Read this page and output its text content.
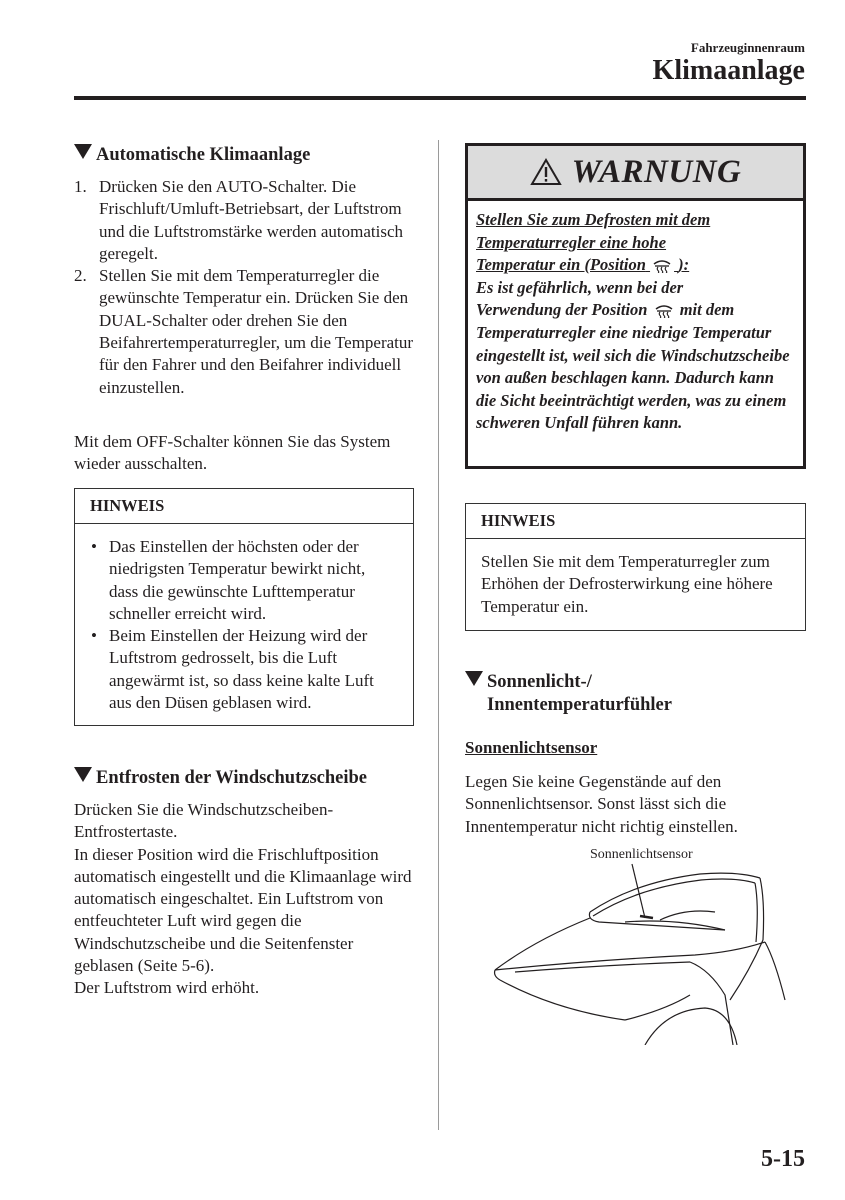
Fahrzeuginnenraum
Klimaanlage
Automatische Klimaanlage
1. Drücken Sie den AUTO-Schalter. Die Frischluft/Umluft-Betriebsart, der Luftstrom und die Luftstromstärke werden automatisch geregelt.
2. Stellen Sie mit dem Temperaturregler die gewünschte Temperatur ein. Drücken Sie den DUAL-Schalter oder drehen Sie den Beifahrertemperaturregler, um die Temperatur für den Fahrer und den Beifahrer individuell einzustellen.
Mit dem OFF-Schalter können Sie das System wieder ausschalten.
HINWEIS
• Das Einstellen der höchsten oder der niedrigsten Temperatur bewirkt nicht, dass die gewünschte Lufttemperatur schneller erreicht wird.
• Beim Einstellen der Heizung wird der Luftstrom gedrosselt, bis die Luft angewärmt ist, so dass keine kalte Luft aus den Düsen geblasen wird.
Entfrosten der Windschutzscheibe
Drücken Sie die Windschutzscheiben-Entfrostertaste.
In dieser Position wird die Frischluftposition automatisch eingestellt und die Klimaanlage wird automatisch eingeschaltet. Ein Luftstrom von entfeuchteter Luft wird gegen die Windschutzscheibe und die Seitenfenster geblasen (Seite 5-6).
Der Luftstrom wird erhöht.
WARNUNG
Stellen Sie zum Defrosten mit dem
Temperaturregler eine hohe
Temperatur ein (Position ):
Es ist gefährlich, wenn bei der
Verwendung der Position mit dem
Temperaturregler eine niedrige Temperatur eingestellt ist, weil sich die Windschutzscheibe von außen beschlagen kann. Dadurch kann die Sicht beeinträchtigt werden, was zu einem schweren Unfall führen kann.
HINWEIS
Stellen Sie mit dem Temperaturregler zum Erhöhen der Defrosterwirkung eine höhere Temperatur ein.
Sonnenlicht-/
Innentemperaturfühler
Sonnenlichtsensor
Legen Sie keine Gegenstände auf den Sonnenlichtsensor. Sonst lässt sich die Innentemperatur nicht richtig einstellen.
Sonnenlichtsensor
5-15
